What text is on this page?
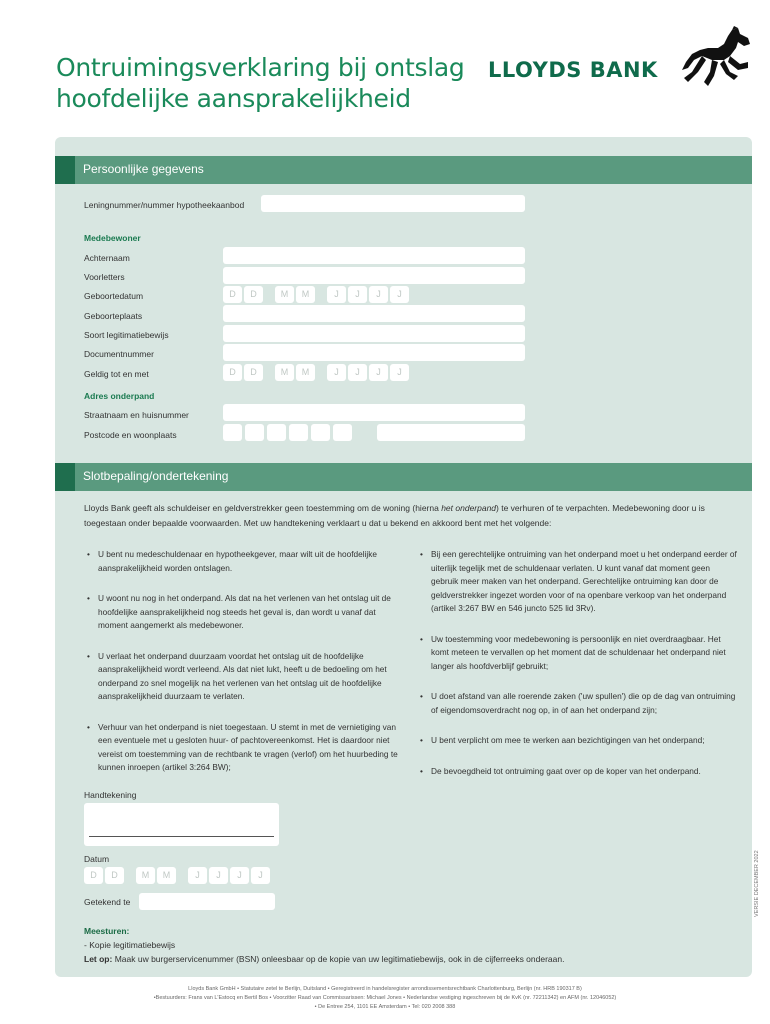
Ontruimingsverklaring bij ontslag
hoofdelijke aansprakelijkheid
LLOYDS BANK
Persoonlijke gegevens
Leningnummer/nummer hypotheekaanbod
Medebewoner
Achternaam
Voorletters
Geboortedatum	D	D	M	M	J	J	J	J
Geboorteplaats
Soort legitimatiebewijs
Documentnummer
Geldig tot en met	D	D	M	M	J	J	J	J
Adres onderpand
Straatnaam en huisnummer
Postcode en woonplaats
Slotbepaling/ondertekening
Lloyds Bank geeft als schuldeiser en geldverstrekker geen toestemming om de woning (hierna het onderpand) te verhuren of te verpachten. Medebewoning door u is toegestaan onder bepaalde voorwaarden. Met uw handtekening verklaart u dat u bekend en akkoord bent met het volgende:
• U bent nu medeschuldenaar en hypotheekgever, maar wilt uit de hoofdelijke aansprakelijkheid worden ontslagen.
• U woont nu nog in het onderpand. Als dat na het verlenen van het ontslag uit de hoofdelijke aansprakelijkheid nog steeds het geval is, dan wordt u vanaf dat moment aangemerkt als medebewoner.
• U verlaat het onderpand duurzaam voordat het ontslag uit de hoofdelijke aansprakelijkheid wordt verleend. Als dat niet lukt, heeft u de bedoeling om het onderpand zo snel mogelijk na het verlenen van het ontslag uit de hoofdelijke aansprakelijkheid duurzaam te verlaten.
• Verhuur van het onderpand is niet toegestaan. U stemt in met de vernietiging van een eventuele met u gesloten huur- of pachtovereenkomst. Het is daardoor niet vereist om toestemming van de rechtbank te vragen (verlof) om het huurbeding te kunnen inroepen (artikel 3:264 BW);
• Bij een gerechtelijke ontruiming van het onderpand moet u het onderpand eerder of uiterlijk tegelijk met de schuldenaar verlaten. U kunt vanaf dat moment geen gebruik meer maken van het onderpand. Gerechtelijke ontruiming kan door de geldverstrekker ingezet worden voor of na openbare verkoop van het onderpand (artikel 3:267 BW en 546 juncto 525 lid 3Rv).
• Uw toestemming voor medebewoning is persoonlijk en niet overdraagbaar. Het komt meteen te vervallen op het moment dat de schuldenaar het onderpand niet langer als hoofdverblijf gebruikt;
• U doet afstand van alle roerende zaken ('uw spullen') die op de dag van ontruiming of eigendomsoverdracht nog op, in of aan het onderpand zijn;
• U bent verplicht om mee te werken aan bezichtigingen van het onderpand;
• De bevoegdheid tot ontruiming gaat over op de koper van het onderpand.
Handtekening
Datum
D	D	M	M	J	J	J	J
Getekend te
Meesturen:
- Kopie legitimatiebewijs
Let op: Maak uw burgerservicenummer (BSN) onleesbaar op de kopie van uw legitimatiebewijs, ook in de cijferreeks onderaan.
VERSIE DECEMBER 2022
Lloyds Bank GmbH • Statutaire zetel te Berlijn, Duitsland • Geregistreerd in handelsregister arrondissementsrechtbank Charlottenburg, Berlijn (nr. HRB 190317 B)
•Bestuurders: Frans van L'Estocq en Bertil Bos • Voorzitter Raad van Commissarissen: Michael Jones • Nederlandse vestiging ingeschreven bij de KvK (nr. 72211342) en AFM (nr. 12046052)
• De Entree 254, 1101 EE Amsterdam • Tel: 020 2008 388
